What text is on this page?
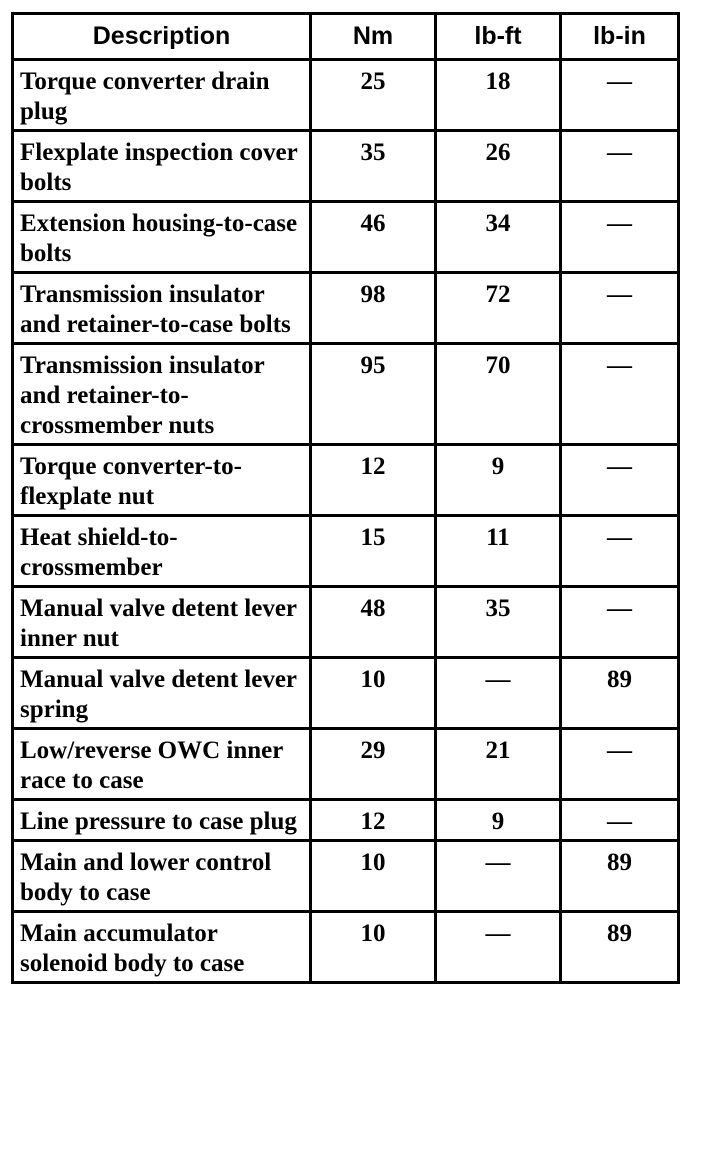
Description	Nm	lb-ft	lb-in
Torque converter drain plug	25	18	—
Flexplate inspection cover bolts	35	26	—
Extension housing-to-case bolts	46	34	—
Transmission insulator and retainer-to-case bolts	98	72	—
Transmission insulator and retainer-to-crossmember nuts	95	70	—
Torque converter-to-flexplate nut	12	9	—
Heat shield-to-crossmember	15	11	—
Manual valve detent lever inner nut	48	35	—
Manual valve detent lever spring	10	—	89
Low/reverse OWC inner race to case	29	21	—
Line pressure to case plug	12	9	—
Main and lower control body to case	10	—	89
Main accumulator solenoid body to case	10	—	89
